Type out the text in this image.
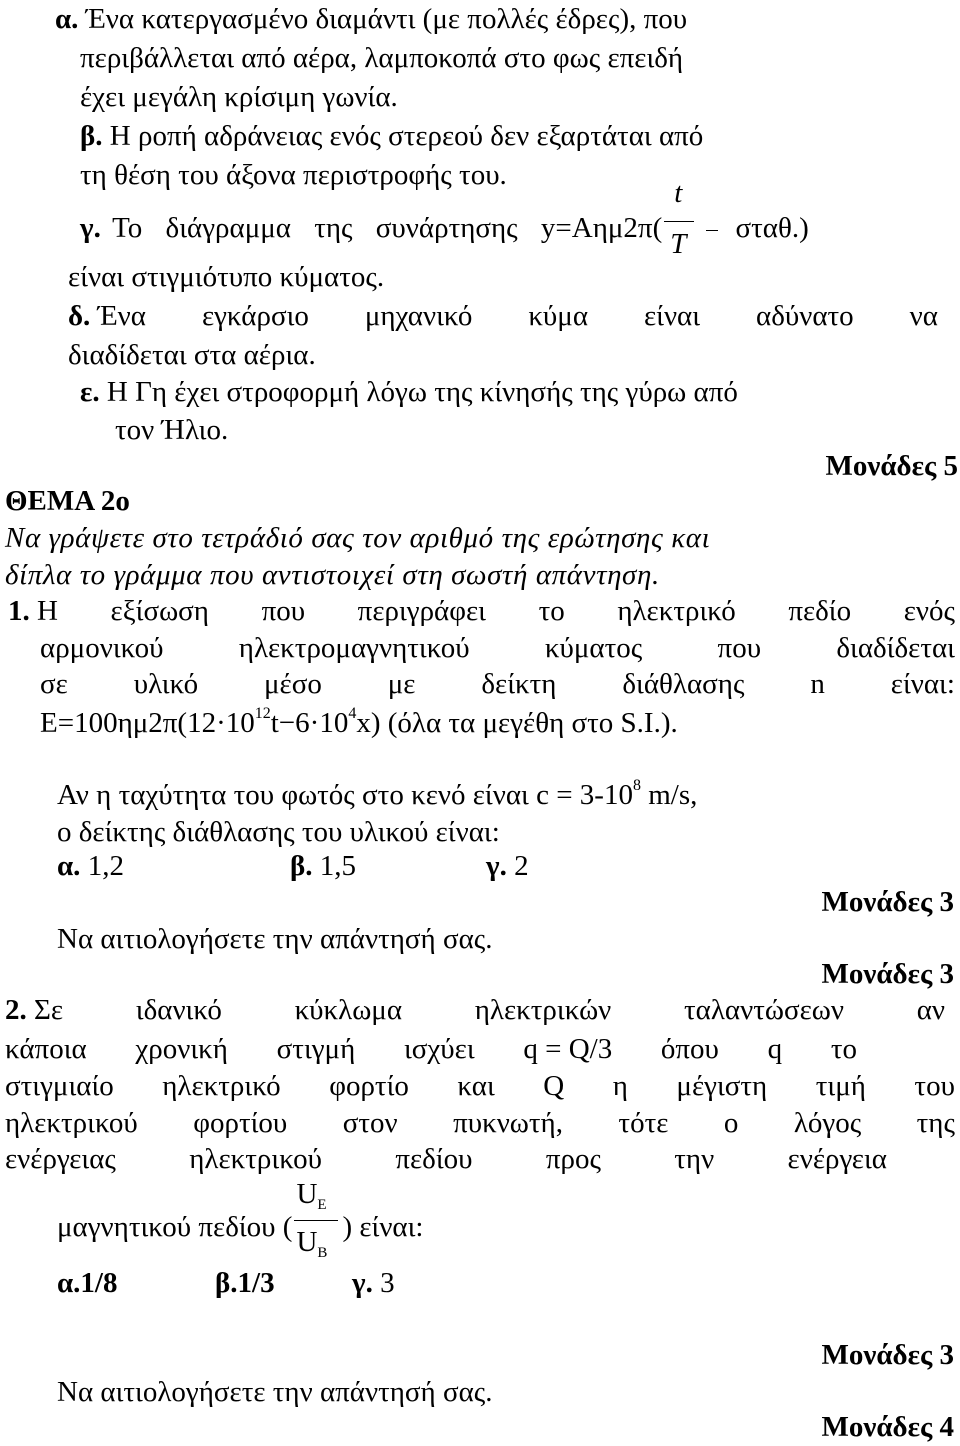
α. Ένα κατεργασμένο διαμάντι (με πολλές έδρες), που
περιβάλλεται από αέρα, λαμποκοπά στο φως επειδή
έχει μεγάλη κρίσιμη γωνία.
β. Η ροπή αδράνειας ενός στερεού δεν εξαρτάται από
τη θέση του άξονα περιστροφής του.
γ. Το διάγραμμα της συνάρτησης $y=A\eta\mu 2\pi( \frac{t}{T} \sigma\tau\alpha\theta.)$
είναι στιγμιότυπο κύματος.
δ. Ένα εγκάρσιο μηχανικό κύμα είναι αδύνατο να
διαδίδεται στα αέρια.
ε. Η Γη έχει στροφορμή λόγω της κίνησής της γύρω από
τον Ήλιο.
Μονάδες 5
ΘΕΜΑ 2ο
Να γράψετε στο τετράδιό σας τον αριθμό της ερώτησης και
δίπλα το γράμμα που αντιστοιχεί στη σωστή απάντηση.
1. Η εξίσωση που περιγράφει το ηλεκτρικό πεδίο ενός
αρμονικού	ηλεκτρομαγνητικού	κύματος	που	διαδίδεται
σε υλικό μέσο με δείκτη διάθλασης n είναι:
$E=100\eta\mu 2\pi(12\cdot 10^{12}t-6\cdot 10^4x)$ (όλα τα μεγέθη στο S.I.).
Αν η ταχύτητα του φωτός στο κενό είναι $c = 3-10^8$ m/s,
ο δείκτης διάθλασης του υλικού είναι:
α. 1,2	β. 1,5	γ. 2
Μονάδες 3
Να αιτιολογήσετε την απάντησή σας.
Μονάδες 3
2. Σε	ιδανικό	κύκλωμα	ηλεκτρικών	ταλαντώσεων	αν
κάποια χρονική στιγμή ισχύει q = Q/3 όπου q το
στιγμιαίο ηλεκτρικό φορτίο και Q η μέγιστη τιμή του
ηλεκτρικού φορτίου στον πυκνωτή, τότε ο λόγος της
ενέργειας	ηλεκτρικού	πεδίου	προς	την	ενέργεια
μαγνητικού πεδίου ( $\frac{U_E}{U_B}$ ) είναι:
α.1/8	β.1/3	γ. 3
Μονάδες 3
Να αιτιολογήσετε την απάντησή σας.
Μονάδες 4
